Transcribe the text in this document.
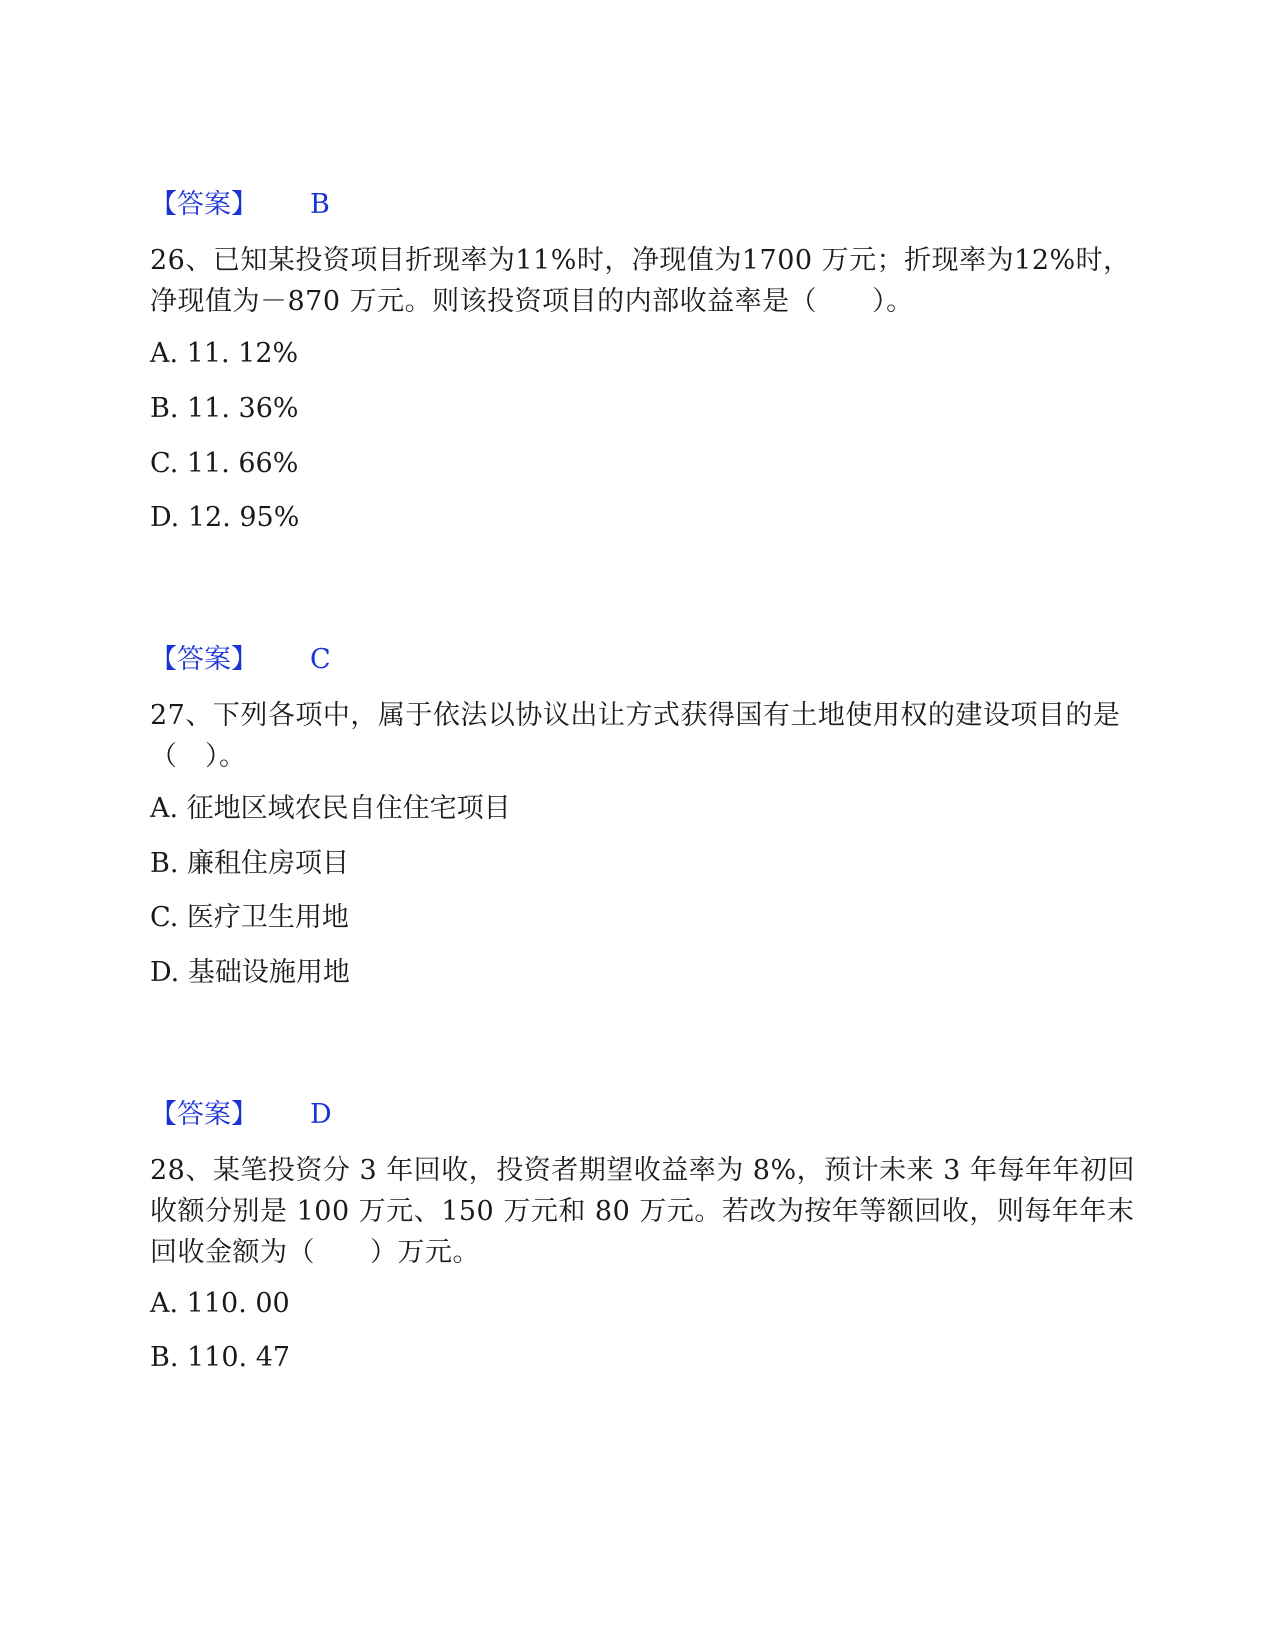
【答案】 B
26、已知某投资项目折现率为11%时，净现值为1700 万元；折现率为12%时，净现值为－870 万元。则该投资项目的内部收益率是（　　）。
A. 11. 12%
B. 11. 36%
C. 11. 66%
D. 12. 95%
【答案】 C
27、下列各项中，属于依法以协议出让方式获得国有土地使用权的建设项目的是（　）。
A. 征地区域农民自住住宅项目
B. 廉租住房项目
C. 医疗卫生用地
D. 基础设施用地
【答案】 D
28、某笔投资分 3 年回收，投资者期望收益率为 8%，预计未来 3 年每年年初回收额分别是 100 万元、150 万元和 80 万元。若改为按年等额回收，则每年年末回收金额为（　　）万元。
A. 110. 00
B. 110. 47
